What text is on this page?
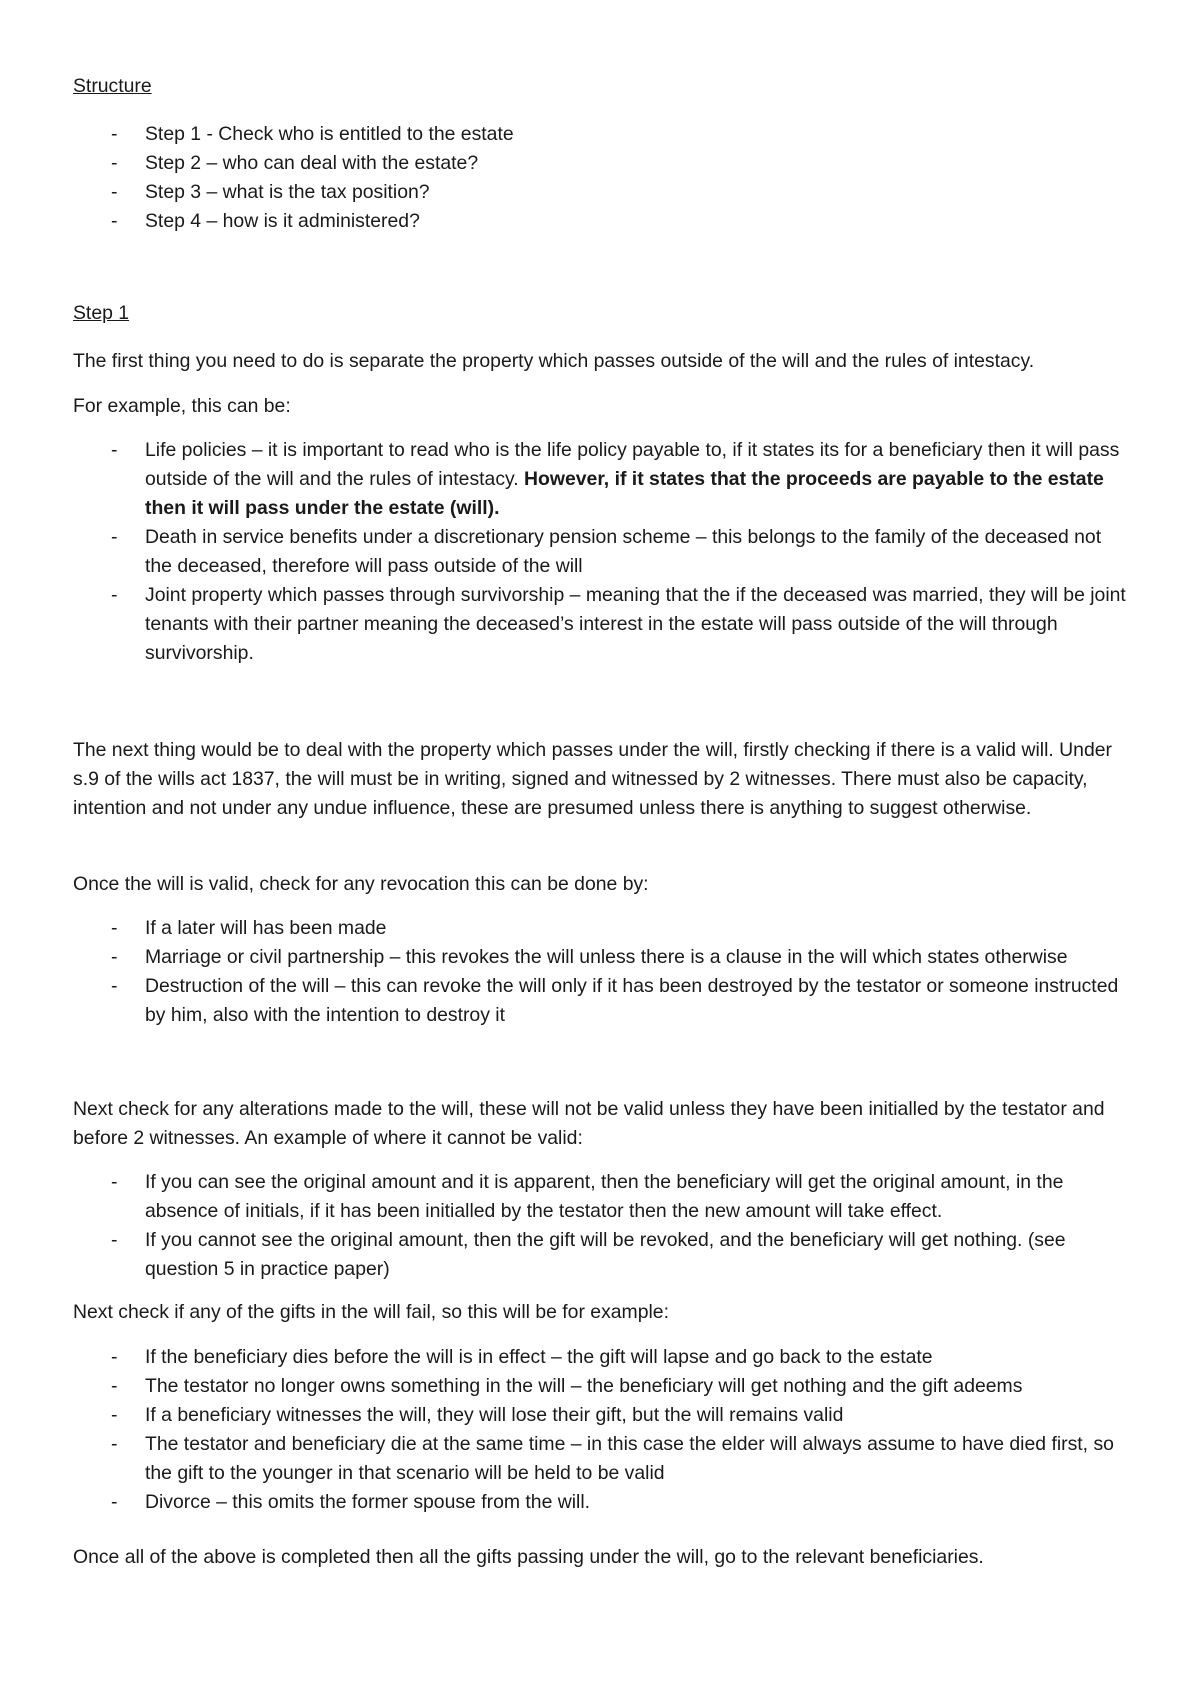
Structure
- Step 1 - Check who is entitled to the estate
- Step 2 – who can deal with the estate?
- Step 3 – what is the tax position?
- Step 4 – how is it administered?
Step 1

The first thing you need to do is separate the property which passes outside of the will and the rules of intestacy.

For example, this can be:

- Life policies – it is important to read who is the life policy payable to, if it states its for a beneficiary then it will pass outside of the will and the rules of intestacy. However, if it states that the proceeds are payable to the estate then it will pass under the estate (will).
- Death in service benefits under a discretionary pension scheme – this belongs to the family of the deceased not the deceased, therefore will pass outside of the will
- Joint property which passes through survivorship – meaning that the if the deceased was married, they will be joint tenants with their partner meaning the deceased’s interest in the estate will pass outside of the will through survivorship.

The next thing would be to deal with the property which passes under the will, firstly checking if there is a valid will. Under s.9 of the wills act 1837, the will must be in writing, signed and witnessed by 2 witnesses. There must also be capacity, intention and not under any undue influence, these are presumed unless there is anything to suggest otherwise.

Once the will is valid, check for any revocation this can be done by:

- If a later will has been made
- Marriage or civil partnership – this revokes the will unless there is a clause in the will which states otherwise
- Destruction of the will – this can revoke the will only if it has been destroyed by the testator or someone instructed by him, also with the intention to destroy it

Next check for any alterations made to the will, these will not be valid unless they have been initialled by the testator and before 2 witnesses. An example of where it cannot be valid:

- If you can see the original amount and it is apparent, then the beneficiary will get the original amount, in the absence of initials, if it has been initialled by the testator then the new amount will take effect.
- If you cannot see the original amount, then the gift will be revoked, and the beneficiary will get nothing. (see question 5 in practice paper)

Next check if any of the gifts in the will fail, so this will be for example:

- If the beneficiary dies before the will is in effect – the gift will lapse and go back to the estate
- The testator no longer owns something in the will – the beneficiary will get nothing and the gift adeems
- If a beneficiary witnesses the will, they will lose their gift, but the will remains valid
- The testator and beneficiary die at the same time – in this case the elder will always assume to have died first, so the gift to the younger in that scenario will be held to be valid
- Divorce – this omits the former spouse from the will.

Once all of the above is completed then all the gifts passing under the will, go to the relevant beneficiaries.
